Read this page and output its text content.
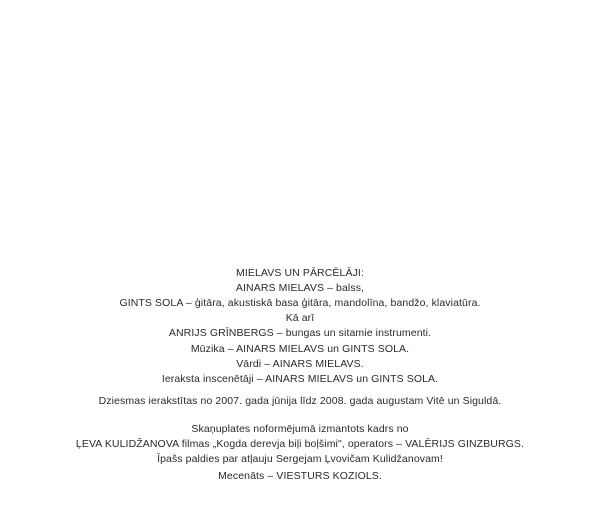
MIELAVS UN PĀRCĒLĀJI:
AINARS MIELAVS – balss,
GINTS SOLA – ģitāra, akustiskā basa ģitāra, mandolīna, bandžo, klaviatūra.
Kā arī
ANRIJS GRĪNBERGS – bungas un sitamie instrumenti.
Mūzika – AINARS MIELAVS un GINTS SOLA.
Vārdi – AINARS MIELAVS.
Ieraksta inscenētāji – AINARS MIELAVS un GINTS SOLA.
Dziesmas ierakstītas no 2007. gada jūnija līdz 2008. gada augustam Vitē un Siguldā.
Skaņuplates noformējumā izmantots kadrs no
ĻEVA KULIDŽANOVA filmas „Kogda derevja biļi boļšimi", operators – VALĒRIJS GINZBURGS.
Īpašs paldies par atļauju Sergejam Ļvovičam Kulidžanovam!
Mecenāts – VIESTURS KOZIOLS.
